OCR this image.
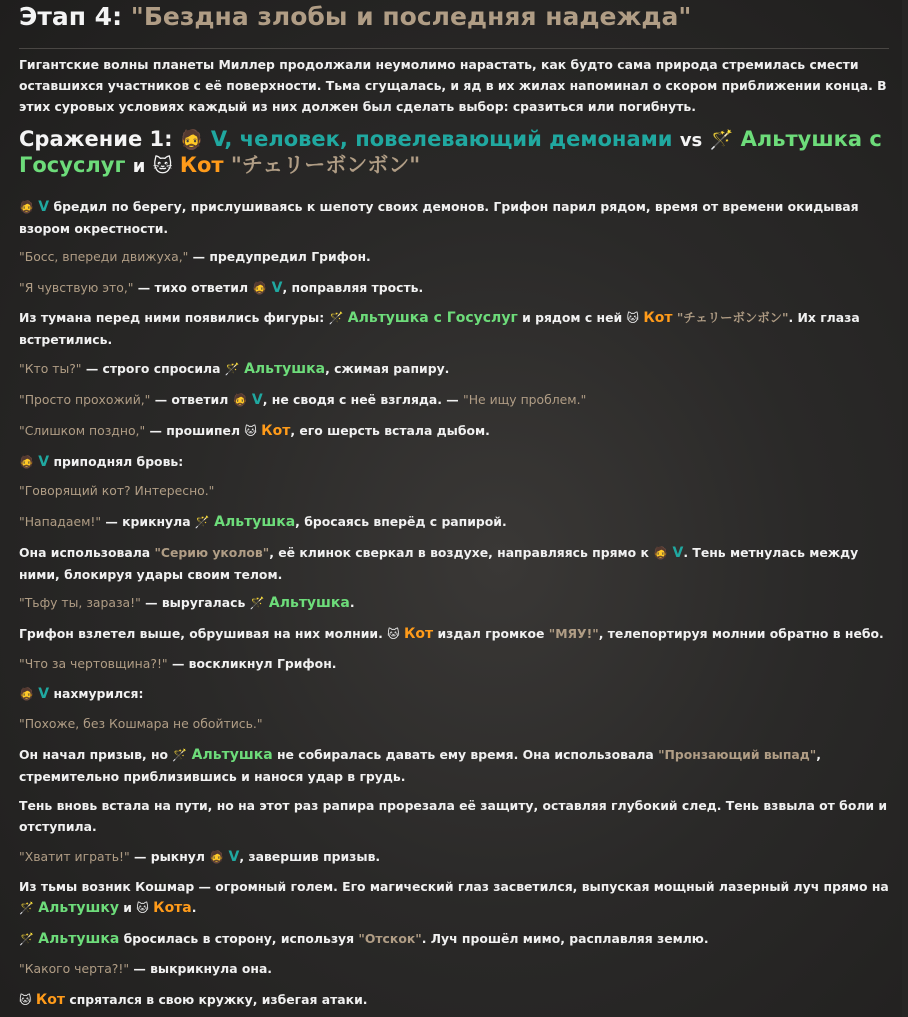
Этап 4: "Бездна злобы и последняя надежда"

Гигантские волны планеты Миллер продолжали неумолимо нарастать, как будто сама природа стремилась смести оставшихся участников с её поверхности. Тьма сгущалась, и яд в их жилах напоминал о скором приближении конца. В этих суровых условиях каждый из них должен был сделать выбор: сразиться или погибнуть.

Сражение 1: 🧔 V, человек, повелевающий демонами vs 🪄 Альтушка с Госуслуг и 🐱 Кот "チェリーボンボン"

🧔 V бредил по берегу, прислушиваясь к шепоту своих демонов. Грифон парил рядом, время от времени окидывая взором окрестности.

"Босс, впереди движуха," — предупредил Грифон.

"Я чувствую это," — тихо ответил 🧔 V, поправляя трость.

Из тумана перед ними появились фигуры: 🪄 Альтушка с Госуслуг и рядом с ней 🐱 Кот "チェリーボンボン". Их глаза встретились.

"Кто ты?" — строго спросила 🪄 Альтушка, сжимая рапиру.

"Просто прохожий," — ответил 🧔 V, не сводя с неё взгляда. — "Не ищу проблем."

"Слишком поздно," — прошипел 🐱 Кот, его шерсть встала дыбом.

🧔 V приподнял бровь:

"Говорящий кот? Интересно."

"Нападаем!" — крикнула 🪄 Альтушка, бросаясь вперёд с рапирой.

Она использовала "Серию уколов", её клинок сверкал в воздухе, направляясь прямо к 🧔 V. Тень метнулась между ними, блокируя удары своим телом.

"Тьфу ты, зараза!" — выругалась 🪄 Альтушка.

Грифон взлетел выше, обрушивая на них молнии. 🐱 Кот издал громкое "МЯУ!", телепортируя молнии обратно в небо.

"Что за чертовщина?!" — воскликнул Грифон.

🧔 V нахмурился:

"Похоже, без Кошмара не обойтись."

Он начал призыв, но 🪄 Альтушка не собиралась давать ему время. Она использовала "Пронзающий выпад", стремительно приблизившись и нанося удар в грудь.

Тень вновь встала на пути, но на этот раз рапира прорезала её защиту, оставляя глубокий след. Тень взвыла от боли и отступила.

"Хватит играть!" — рыкнул 🧔 V, завершив призыв.

Из тьмы возник Кошмар — огромный голем. Его магический глаз засветился, выпуская мощный лазерный луч прямо на 🪄 Альтушку и 🐱 Кота.

🪄 Альтушка бросилась в сторону, используя "Отскок". Луч прошёл мимо, расплавляя землю.

"Какого черта?!" — выкрикнула она.

🐱 Кот спрятался в свою кружку, избегая атаки.
